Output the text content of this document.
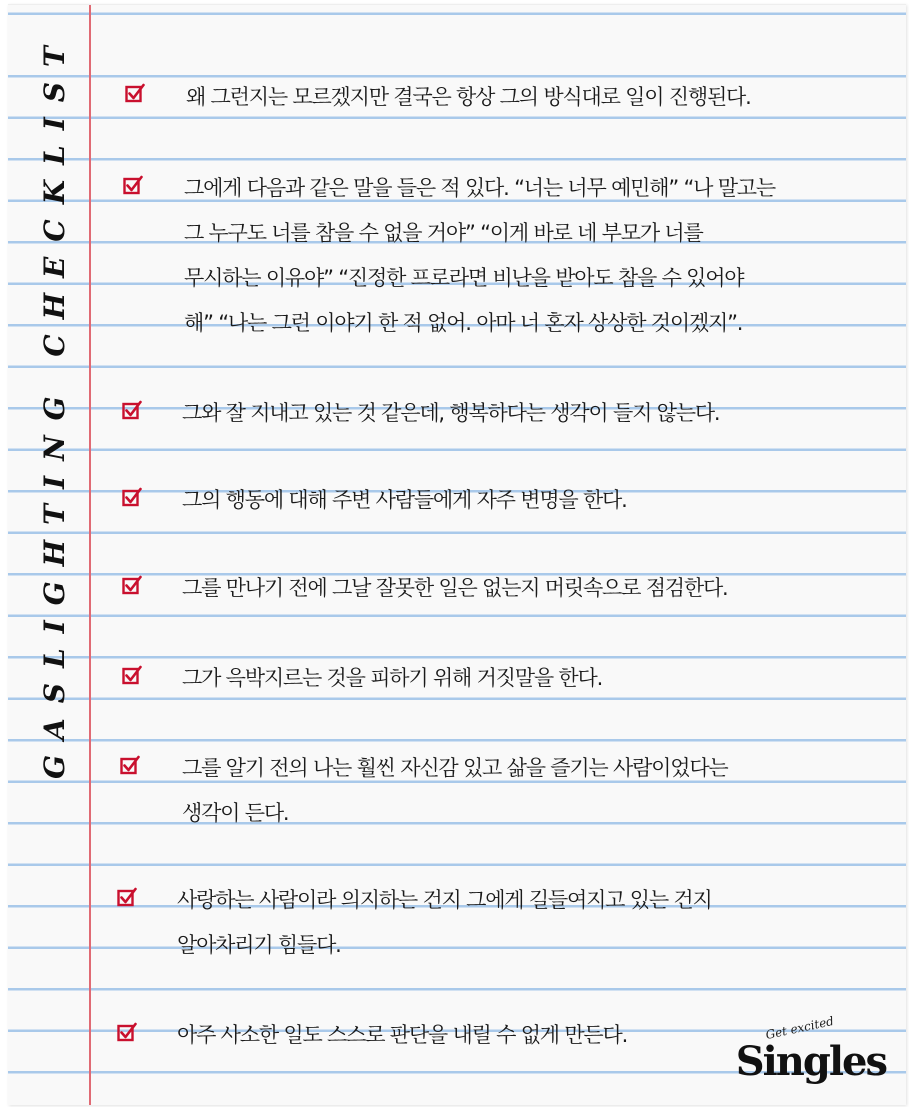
GASLIGHTING CHECKLIST	왜 그런지는 모르겠지만 결국은 항상 그의 방식대로 일이 진행된다.

그에게 다음과 같은 말을 들은 적 있다. “너는 너무 예민해” “나 말고는
그 누구도 너를 참을 수 없을 거야” “이게 바로 네 부모가 너를
무시하는 이유야” “진정한 프로라면 비난을 받아도 참을 수 있어야
해” “나는 그런 이야기 한 적 없어. 아마 너 혼자 상상한 것이겠지”.

그와 잘 지내고 있는 것 같은데, 행복하다는 생각이 들지 않는다.

그의 행동에 대해 주변 사람들에게 자주 변명을 한다.

그를 만나기 전에 그날 잘못한 일은 없는지 머릿속으로 점검한다.

그가 윽박지르는 것을 피하기 위해 거짓말을 한다.

그를 알기 전의 나는 훨씬 자신감 있고 삶을 즐기는 사람이었다는
생각이 든다.

사랑하는 사람이라 의지하는 건지 그에게 길들여지고 있는 건지
알아차리기 힘들다.

아주 사소한 일도 스스로 판단을 내릴 수 없게 만든다.	Get excited
Singles
